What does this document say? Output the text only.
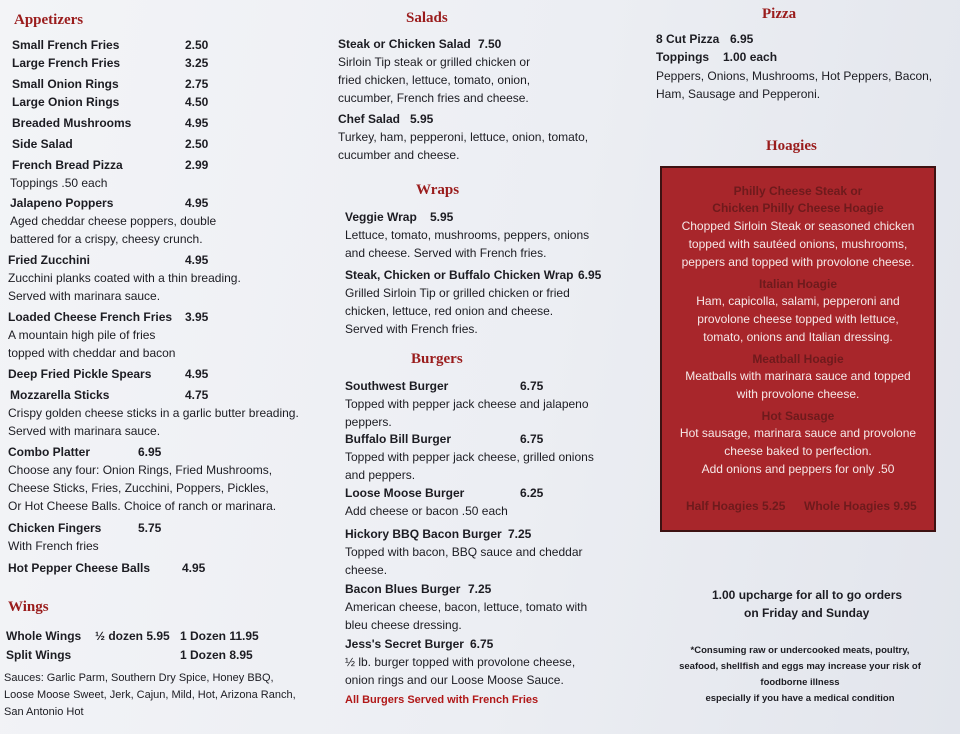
Appetizers
Small French Fries	2.50
Large French Fries	3.25
Small Onion Rings	2.75
Large Onion Rings	4.50
Breaded Mushrooms	4.95
Side Salad	2.50
French Bread Pizza	2.99
Toppings .50 each
Jalapeno Poppers	4.95
Aged cheddar cheese poppers, double
battered for a crispy, cheesy crunch.
Fried Zucchini	4.95
Zucchini planks coated with a thin breading.
Served with marinara sauce.
Loaded Cheese French Fries 3.95
A mountain high pile of fries
topped with cheddar and bacon
Deep Fried Pickle Spears	4.95
Mozzarella Sticks	4.75
Crispy golden cheese sticks in a garlic butter breading.
Served with marinara sauce.
Combo Platter	6.95
Choose any four: Onion Rings, Fried Mushrooms,
Cheese Sticks, Fries, Zucchini, Poppers, Pickles,
Or Hot Cheese Balls. Choice of ranch or marinara.
Chicken Fingers	5.75
With French fries
Hot Pepper Cheese Balls	4.95
Wings
Whole Wings ½ dozen 5.95 1 Dozen 11.95
Split Wings	1 Dozen 8.95
Sauces: Garlic Parm, Southern Dry Spice, Honey BBQ,
Loose Moose Sweet, Jerk, Cajun, Mild, Hot, Arizona Ranch,
San Antonio Hot
Salads
Steak or Chicken Salad 7.50
Sirloin Tip steak or grilled chicken or
fried chicken, lettuce, tomato, onion,
cucumber, French fries and cheese.
Chef Salad 5.95
Turkey, ham, pepperoni, lettuce, onion, tomato,
cucumber and cheese.
Wraps
Veggie Wrap 5.95
Lettuce, tomato, mushrooms, peppers, onions
and cheese. Served with French fries.
Steak, Chicken or Buffalo Chicken Wrap 6.95
Grilled Sirloin Tip or grilled chicken or fried
chicken, lettuce, red onion and cheese.
Served with French fries.
Burgers
Southwest Burger	6.75
Topped with pepper jack cheese and jalapeno
peppers.
Buffalo Bill Burger	6.75
Topped with pepper jack cheese, grilled onions
and peppers.
Loose Moose Burger	6.25
Add cheese or bacon .50 each
Hickory BBQ Bacon Burger 7.25
Topped with bacon, BBQ sauce and cheddar
cheese.
Bacon Blues Burger 7.25
American cheese, bacon, lettuce, tomato with
bleu cheese dressing.
Jess's Secret Burger 6.75
½ lb. burger topped with provolone cheese,
onion rings and our Loose Moose Sauce.
All Burgers Served with French Fries
Pizza
8 Cut Pizza 6.95
Toppings 1.00 each
Peppers, Onions, Mushrooms, Hot Peppers, Bacon,
Ham, Sausage and Pepperoni.
Hoagies
Philly Cheese Steak or
Chicken Philly Cheese Hoagie
Chopped Sirloin Steak or seasoned chicken
topped with sautéed onions, mushrooms,
peppers and topped with provolone cheese.
Italian Hoagie
Ham, capicolla, salami, pepperoni and
provolone cheese topped with lettuce,
tomato, onions and Italian dressing.
Meatball Hoagie
Meatballs with marinara sauce and topped
with provolone cheese.
Hot Sausage
Hot sausage, marinara sauce and provolone
cheese baked to perfection.
Add onions and peppers for only .50
Half Hoagies 5.25 Whole Hoagies 9.95
1.00 upcharge for all to go orders
on Friday and Sunday
*Consuming raw or undercooked meats, poultry,
seafood, shellfish and eggs may increase your risk of
foodborne illness
especially if you have a medical condition
